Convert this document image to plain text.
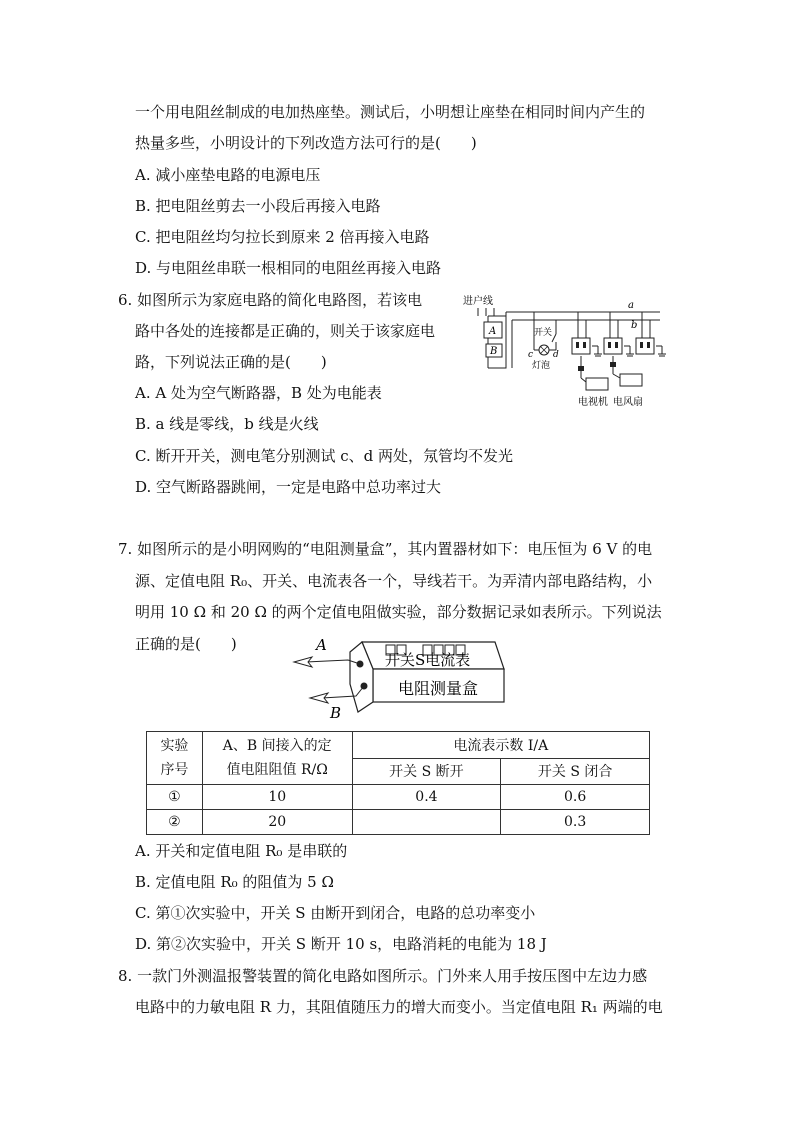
一个用电阻丝制成的电加热座垫。测试后，小明想让座垫在相同时间内产生的
热量多些，小明设计的下列改造方法可行的是(　　)
A. 减小座垫电路的电源电压
B. 把电阻丝剪去一小段后再接入电路
C. 把电阻丝均匀拉长到原来 2 倍再接入电路
D. 与电阻丝串联一根相同的电阻丝再接入电路
6. 如图所示为家庭电路的简化电路图，若该电
路中各处的连接都是正确的，则关于该家庭电
路，下列说法正确的是(　　)
A. A 处为空气断路器，B 处为电能表
B. a 线是零线，b 线是火线
C. 断开开关，测电笔分别测试 c、d 两处，氖管均不发光
D. 空气断路器跳闸，一定是电路中总功率过大
进户线
A
B
a
b
开关
c d
灯泡
电视机 电风扇
7. 如图所示的是小明网购的“电阻测量盒”，其内置器材如下：电压恒为 6 V 的电
源、定值电阻 R₀、开关、电流表各一个，导线若干。为弄清内部电路结构，小
明用 10 Ω 和 20 Ω 的两个定值电阻做实验，部分数据记录如表所示。下列说法
正确的是(　　)
开关S电流表
电阻测量盒
A
B
实验
序号	A、B 间接入的定
值电阻阻值 R/Ω	电流表示数 I/A	
		开关 S 断开	开关 S 闭合
①	10	0.4	0.6
②	20		0.3
A. 开关和定值电阻 R₀ 是串联的
B. 定值电阻 R₀ 的阻值为 5 Ω
C. 第①次实验中，开关 S 由断开到闭合，电路的总功率变小
D. 第②次实验中，开关 S 断开 10 s，电路消耗的电能为 18 J
8. 一款门外测温报警装置的简化电路如图所示。门外来人用手按压图中左边力感
电路中的力敏电阻 R 力，其阻值随压力的增大而变小。当定值电阻 R₁ 两端的电
